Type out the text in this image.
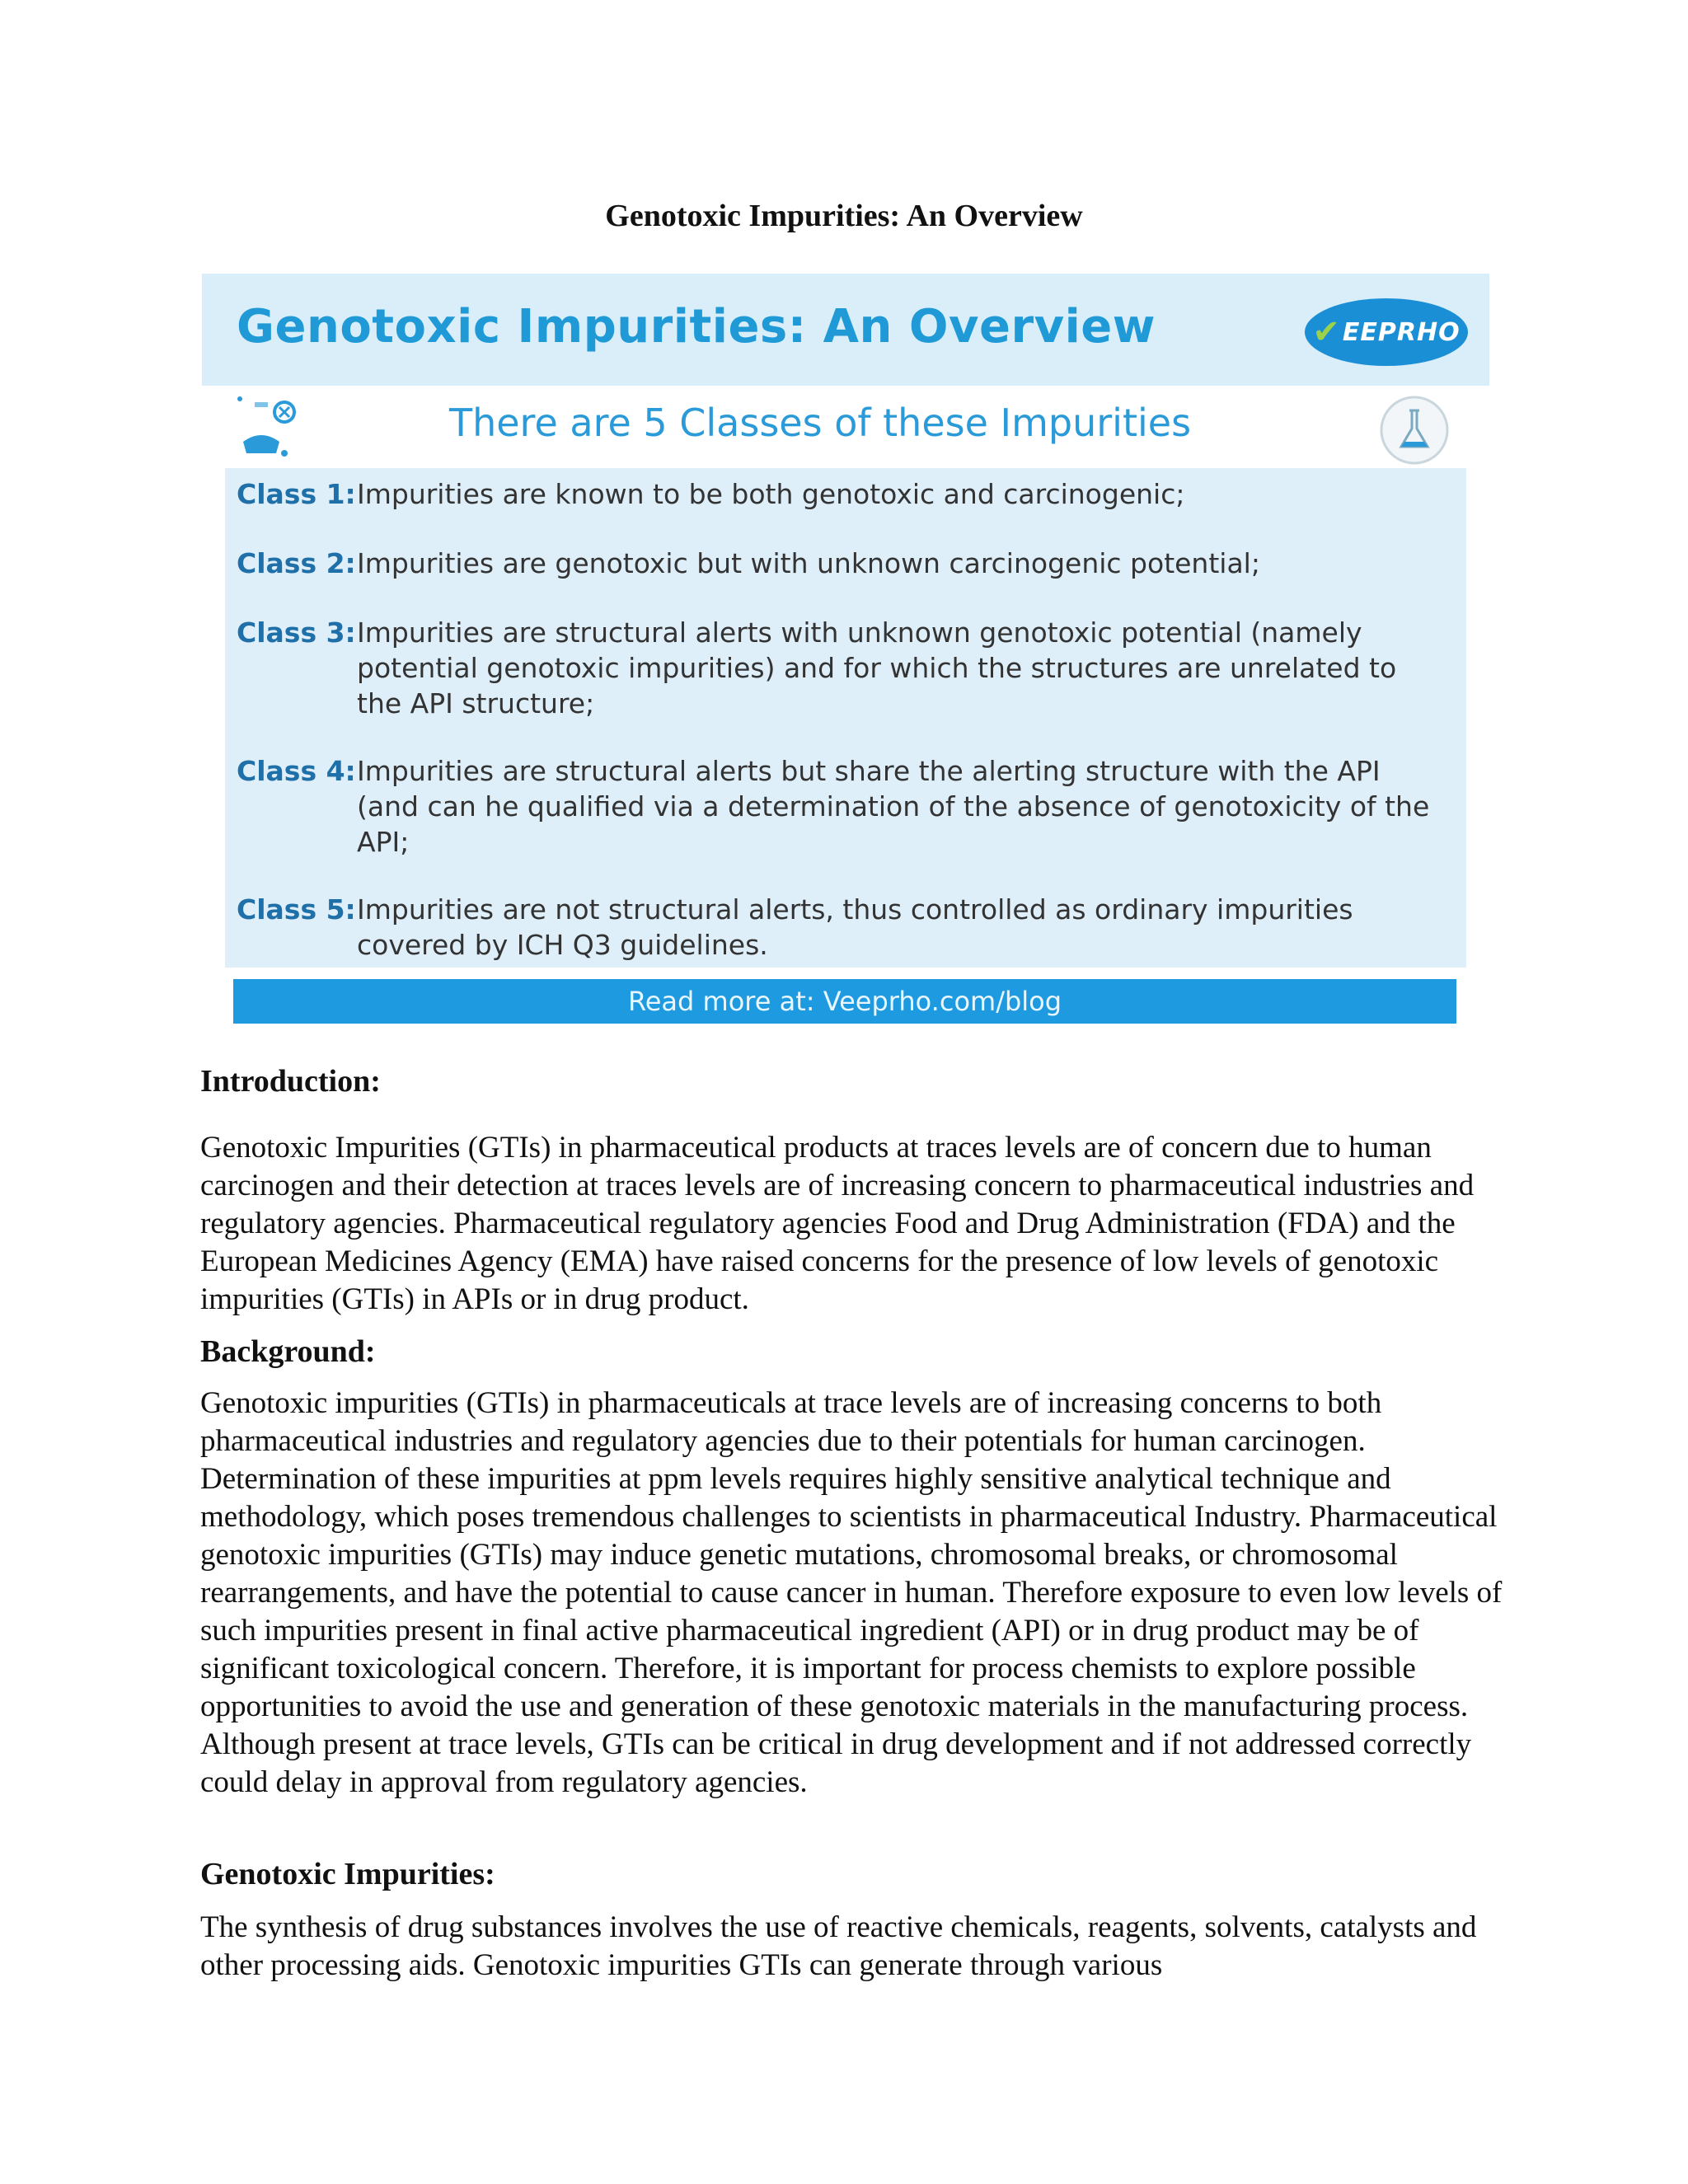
Genotoxic Impurities: An Overview
Genotoxic Impurities: An Overview	✔ EEPRHO
There are 5 Classes of these Impurities
Class 1:Impurities are known to be both genotoxic and carcinogenic;
Class 2:Impurities are genotoxic but with unknown carcinogenic potential;
Class 3:Impurities are structural alerts with unknown genotoxic potential (namely potential genotoxic impurities) and for which the structures are unrelated to the API structure;
Class 4:Impurities are structural alerts but share the alerting structure with the API (and can he qualified via a determination of the absence of genotoxicity of the API;
Class 5:Impurities are not structural alerts, thus controlled as ordinary impurities covered by ICH Q3 guidelines.
Read more at: Veeprho.com/blog
Introduction:

Genotoxic Impurities (GTIs) in pharmaceutical products at traces levels are of concern due to human carcinogen and their detection at traces levels are of increasing concern to pharmaceutical industries and regulatory agencies. Pharmaceutical regulatory agencies Food and Drug Administration (FDA) and the European Medicines Agency (EMA) have raised concerns for the presence of low levels of genotoxic impurities (GTIs) in APIs or in drug product.

Background:

Genotoxic impurities (GTIs) in pharmaceuticals at trace levels are of increasing concerns to both pharmaceutical industries and regulatory agencies due to their potentials for human carcinogen. Determination of these impurities at ppm levels requires highly sensitive analytical technique and methodology, which poses tremendous challenges to scientists in pharmaceutical Industry. Pharmaceutical genotoxic impurities (GTIs) may induce genetic mutations, chromosomal breaks, or chromosomal rearrangements, and have the potential to cause cancer in human. Therefore exposure to even low levels of such impurities present in final active pharmaceutical ingredient (API) or in drug product may be of significant toxicological concern. Therefore, it is important for process chemists to explore possible opportunities to avoid the use and generation of these genotoxic materials in the manufacturing process. Although present at trace levels, GTIs can be critical in drug development and if not addressed correctly could delay in approval from regulatory agencies.

Genotoxic Impurities:

The synthesis of drug substances involves the use of reactive chemicals, reagents, solvents, catalysts and other processing aids. Genotoxic impurities GTIs can generate through various
